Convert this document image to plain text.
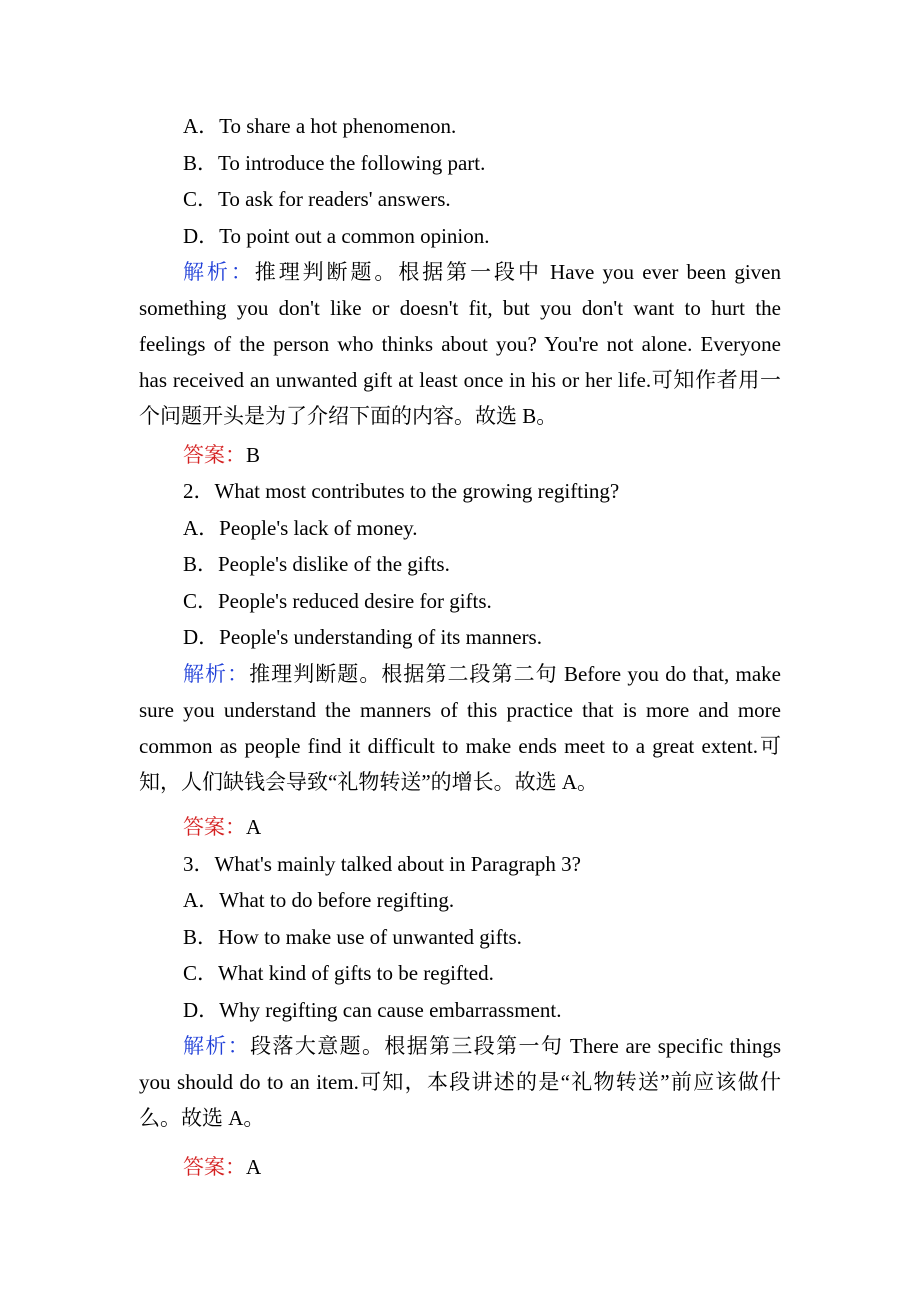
A．To share a hot phenomenon.
B．To introduce the following part.
C．To ask for readers' answers.
D．To point out a common opinion.
解析：推理判断题。根据第一段中 Have you ever been given something you don't like or doesn't fit, but you don't want to hurt the feelings of the person who thinks about you? You're not alone. Everyone has received an unwanted gift at least once in his or her life.可知作者用一个问题开头是为了介绍下面的内容。故选 B。
答案：B
2．What most contributes to the growing regifting?
A．People's lack of money.
B．People's dislike of the gifts.
C．People's reduced desire for gifts.
D．People's understanding of its manners.
解析：推理判断题。根据第二段第二句 Before you do that, make sure you understand the manners of this practice that is more and more common as people find it difficult to make ends meet to a great extent.可知，人们缺钱会导致“礼物转送”的增长。故选 A。
答案：A
3．What's mainly talked about in Paragraph 3?
A．What to do before regifting.
B．How to make use of unwanted gifts.
C．What kind of gifts to be regifted.
D．Why regifting can cause embarrassment.
解析：段落大意题。根据第三段第一句 There are specific things you should do to an item.可知，本段讲述的是“礼物转送”前应该做什么。故选 A。
答案：A
